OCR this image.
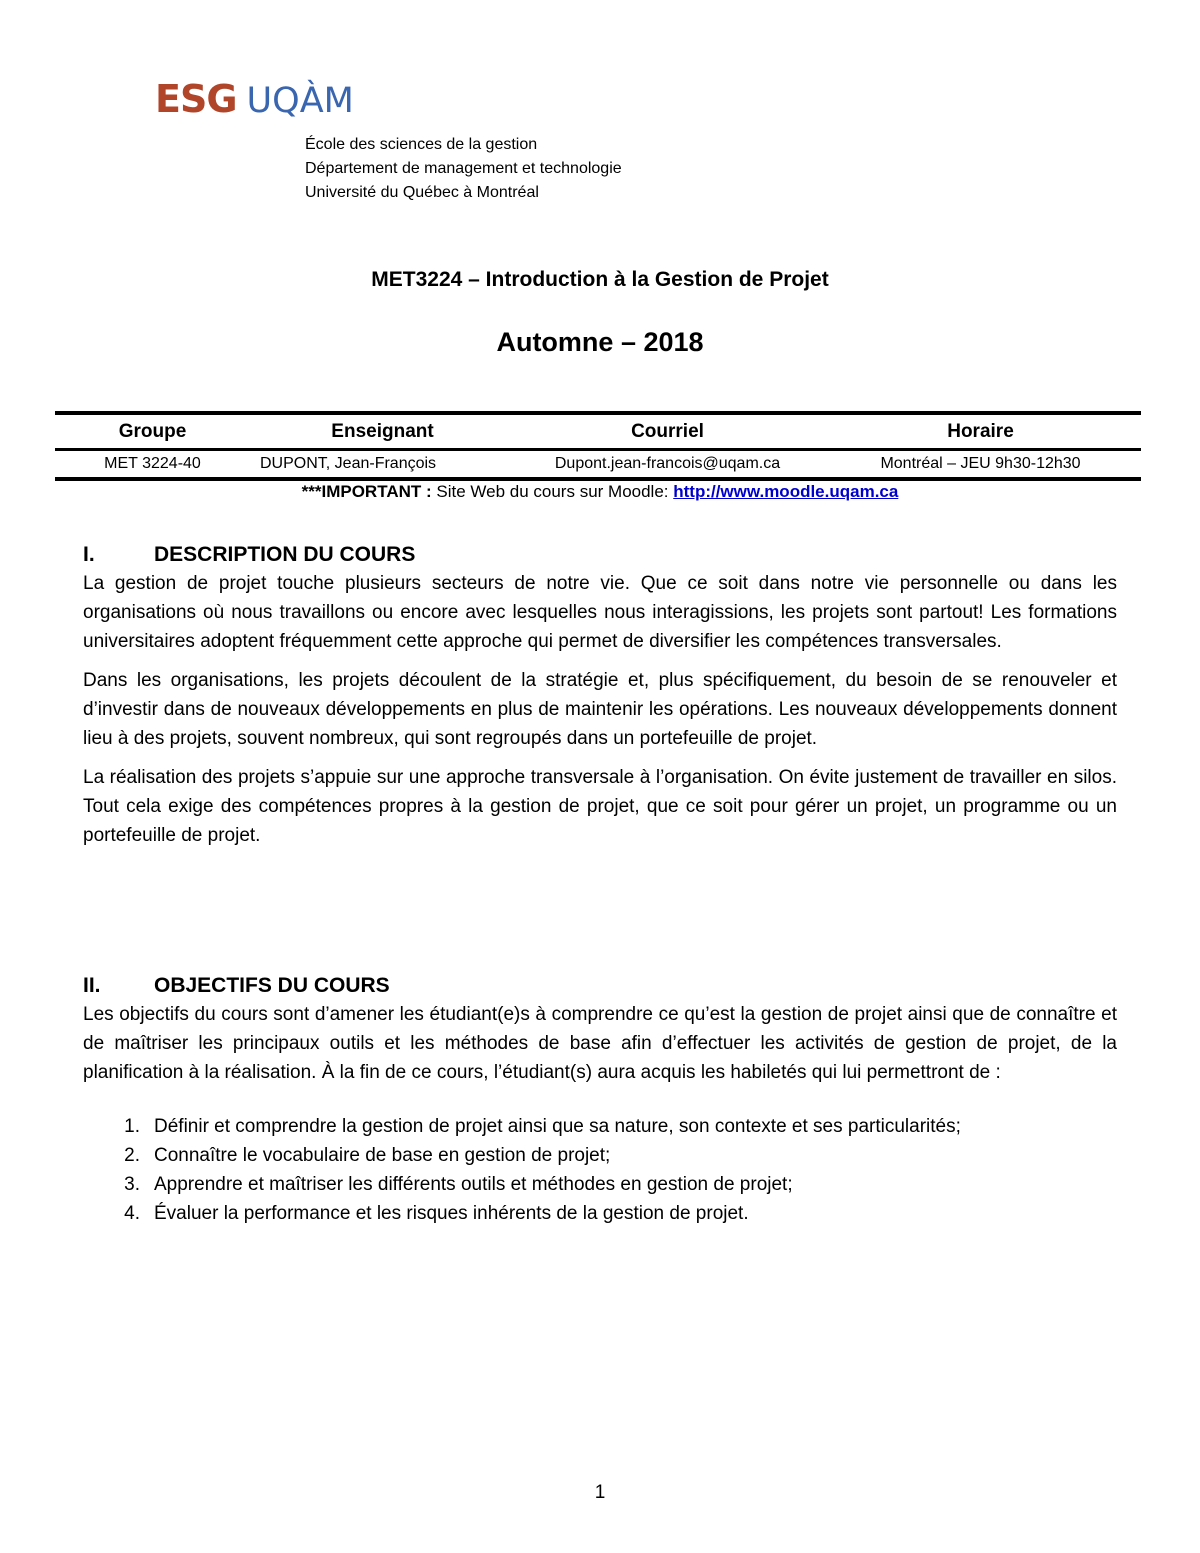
ESG UQÀM
École des sciences de la gestion
Département de management et technologie
Université du Québec à Montréal
MET3224 – Introduction à la Gestion de Projet
Automne – 2018
Groupe	Enseignant	Courriel	Horaire
MET 3224-40	DUPONT, Jean-François	Dupont.jean-francois@uqam.ca	Montréal – JEU 9h30-12h30
***IMPORTANT : Site Web du cours sur Moodle: http://www.moodle.uqam.ca
I.	DESCRIPTION DU COURS

La gestion de projet touche plusieurs secteurs de notre vie. Que ce soit dans notre vie personnelle ou dans les organisations où nous travaillons ou encore avec lesquelles nous interagissions, les projets sont partout! Les formations universitaires adoptent fréquemment cette approche qui permet de diversifier les compétences transversales.

Dans les organisations, les projets découlent de la stratégie et, plus spécifiquement, du besoin de se renouveler et d’investir dans de nouveaux développements en plus de maintenir les opérations. Les nouveaux développements donnent lieu à des projets, souvent nombreux, qui sont regroupés dans un portefeuille de projet.

La réalisation des projets s’appuie sur une approche transversale à l’organisation. On évite justement de travailler en silos. Tout cela exige des compétences propres à la gestion de projet, que ce soit pour gérer un projet, un programme ou un portefeuille de projet.

II.	OBJECTIFS DU COURS

Les objectifs du cours sont d’amener les étudiant(e)s à comprendre ce qu’est la gestion de projet ainsi que de connaître et de maîtriser les principaux outils et les méthodes de base afin d’effectuer les activités de gestion de projet, de la planification à la réalisation. À la fin de ce cours, l’étudiant(s) aura acquis les habiletés qui lui permettront de :

1. Définir et comprendre la gestion de projet ainsi que sa nature, son contexte et ses particularités;
2. Connaître le vocabulaire de base en gestion de projet;
3. Apprendre et maîtriser les différents outils et méthodes en gestion de projet;
4. Évaluer la performance et les risques inhérents de la gestion de projet.
1
